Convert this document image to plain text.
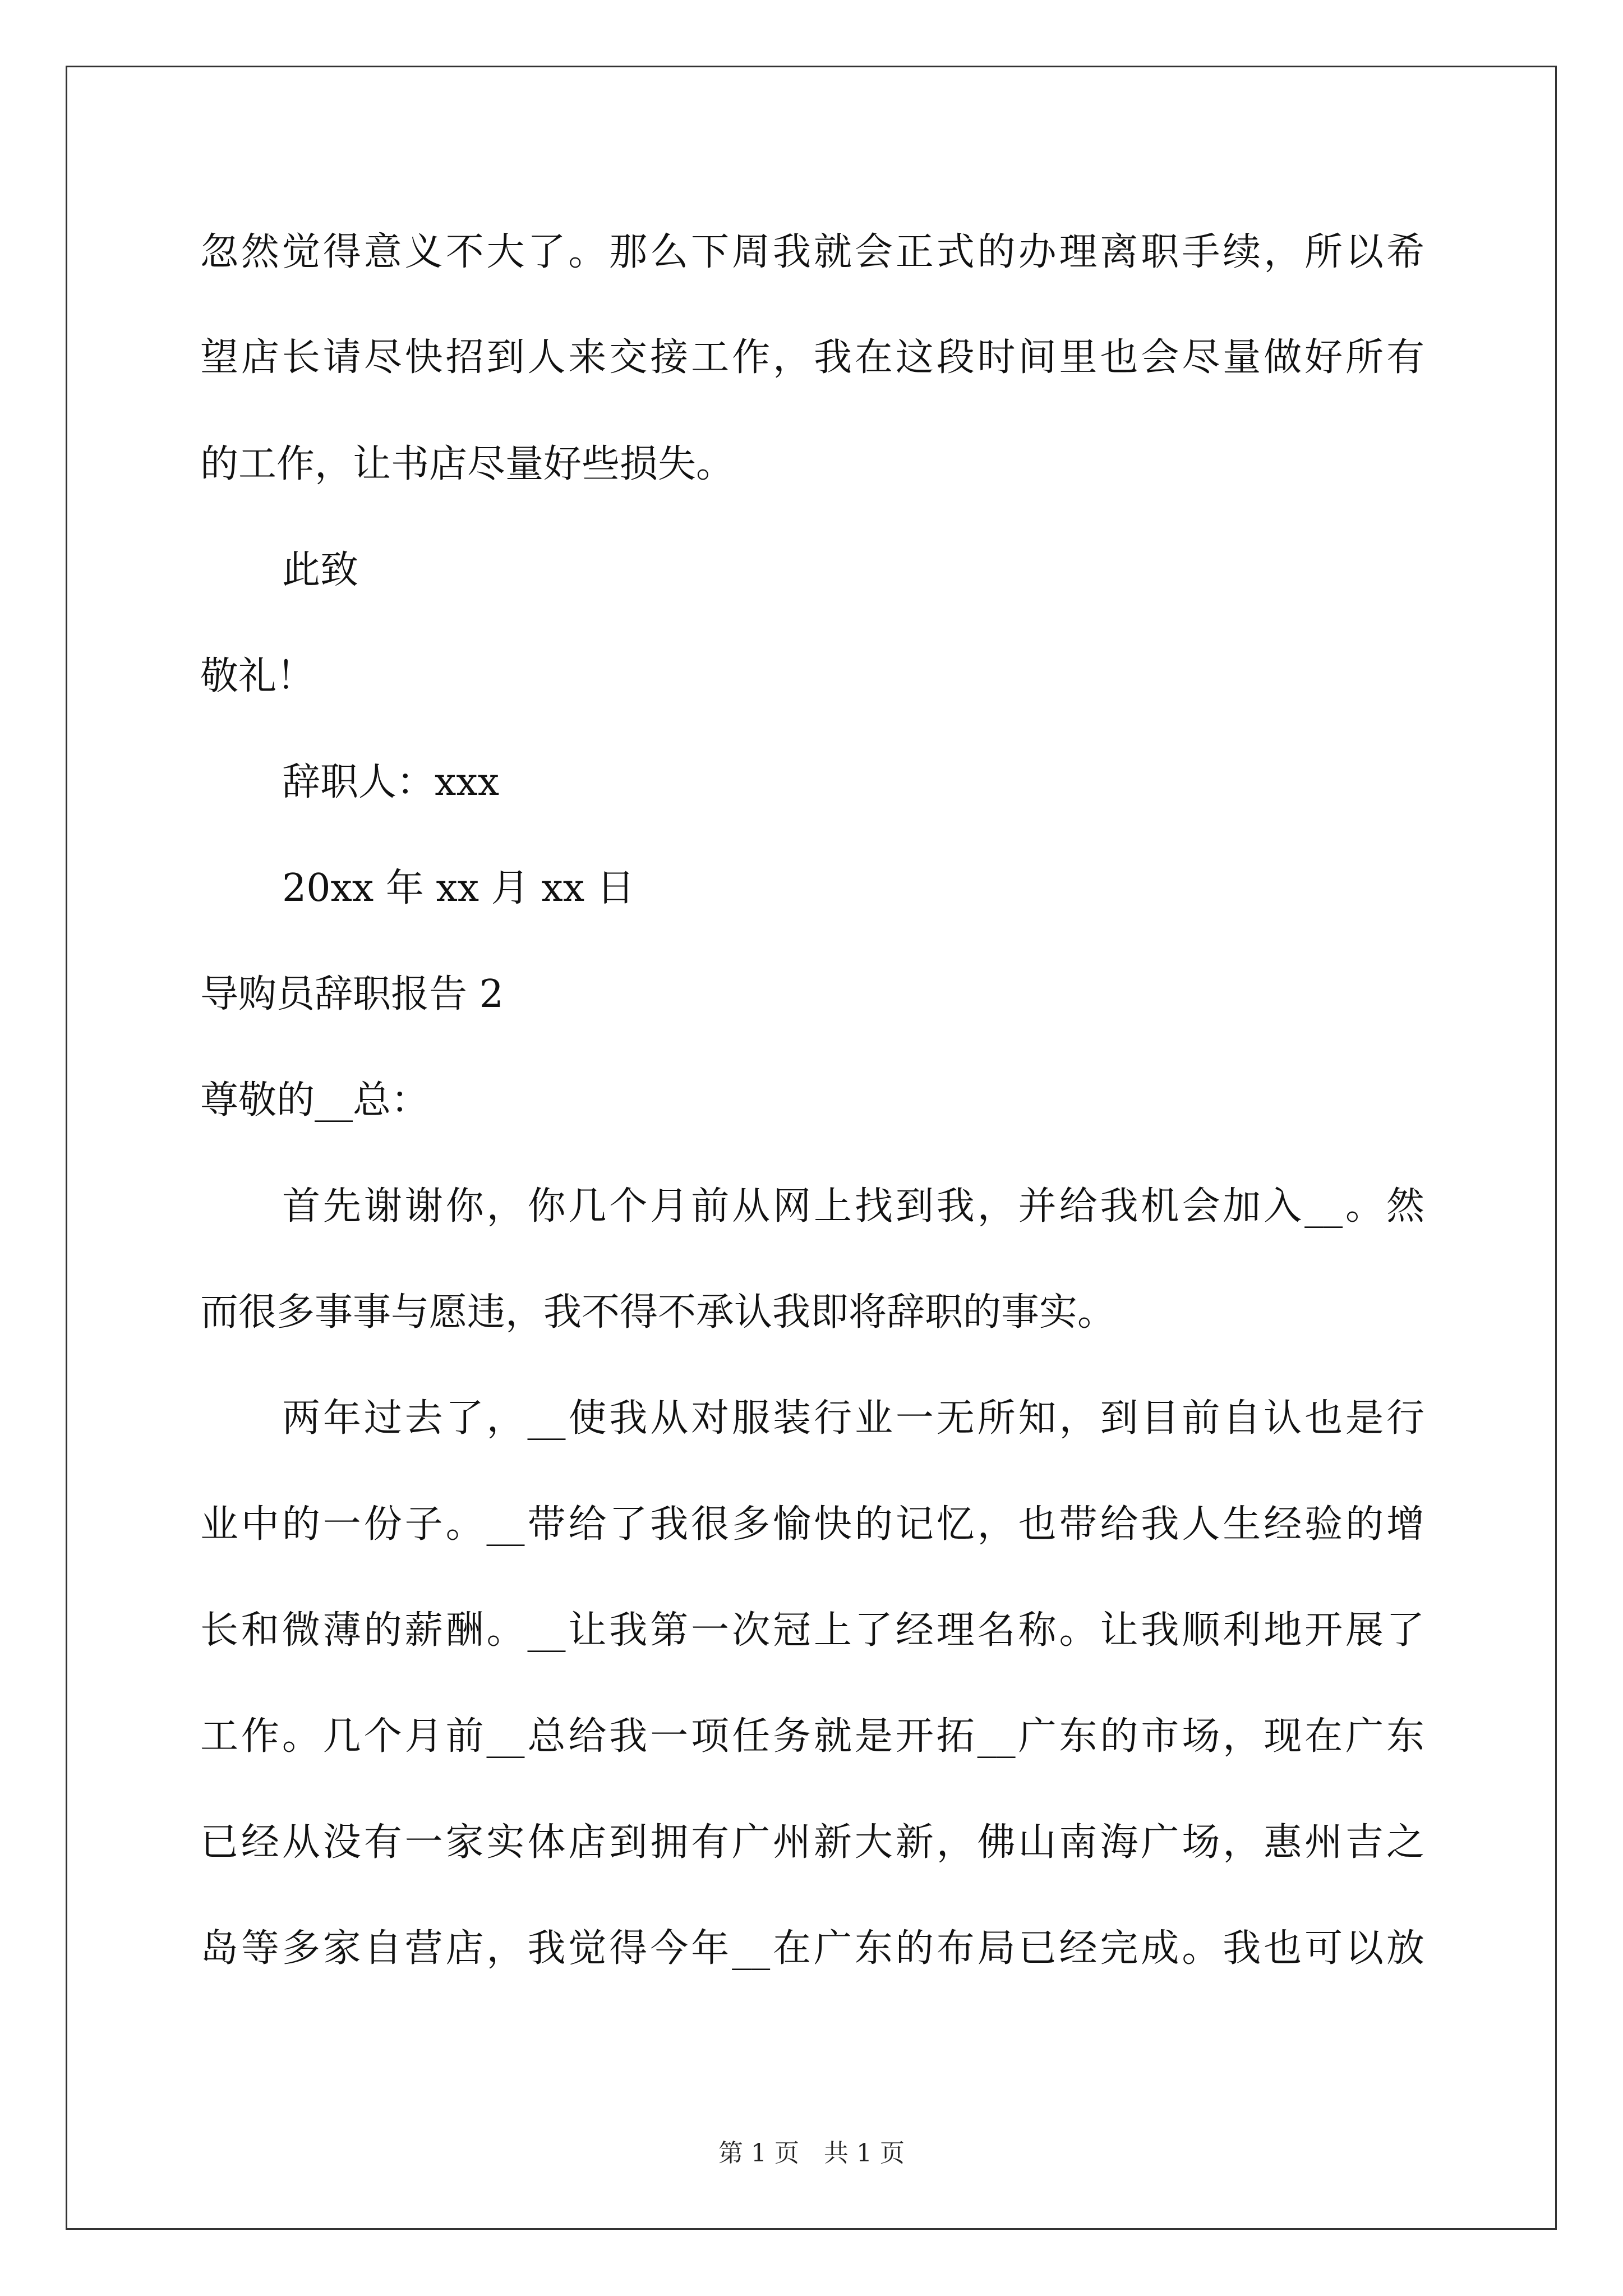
忽然觉得意义不大了。那么下周我就会正式的办理离职手续，所以希
望店长请尽快招到人来交接工作，我在这段时间里也会尽量做好所有
的工作，让书店尽量好些损失。
此致
敬礼！
辞职人：xxx
20xx 年 xx 月 xx 日
导购员辞职报告 2
尊敬的__总：
首先谢谢你，你几个月前从网上找到我，并给我机会加入__。然
而很多事事与愿违，我不得不承认我即将辞职的事实。
两年过去了，__使我从对服装行业一无所知，到目前自认也是行
业中的一份子。__带给了我很多愉快的记忆，也带给我人生经验的增
长和微薄的薪酬。__让我第一次冠上了经理名称。让我顺利地开展了
工作。几个月前__总给我一项任务就是开拓__广东的市场，现在广东
已经从没有一家实体店到拥有广州新大新，佛山南海广场，惠州吉之
岛等多家自营店，我觉得今年__在广东的布局已经完成。我也可以放
第 1 页　共 1 页
